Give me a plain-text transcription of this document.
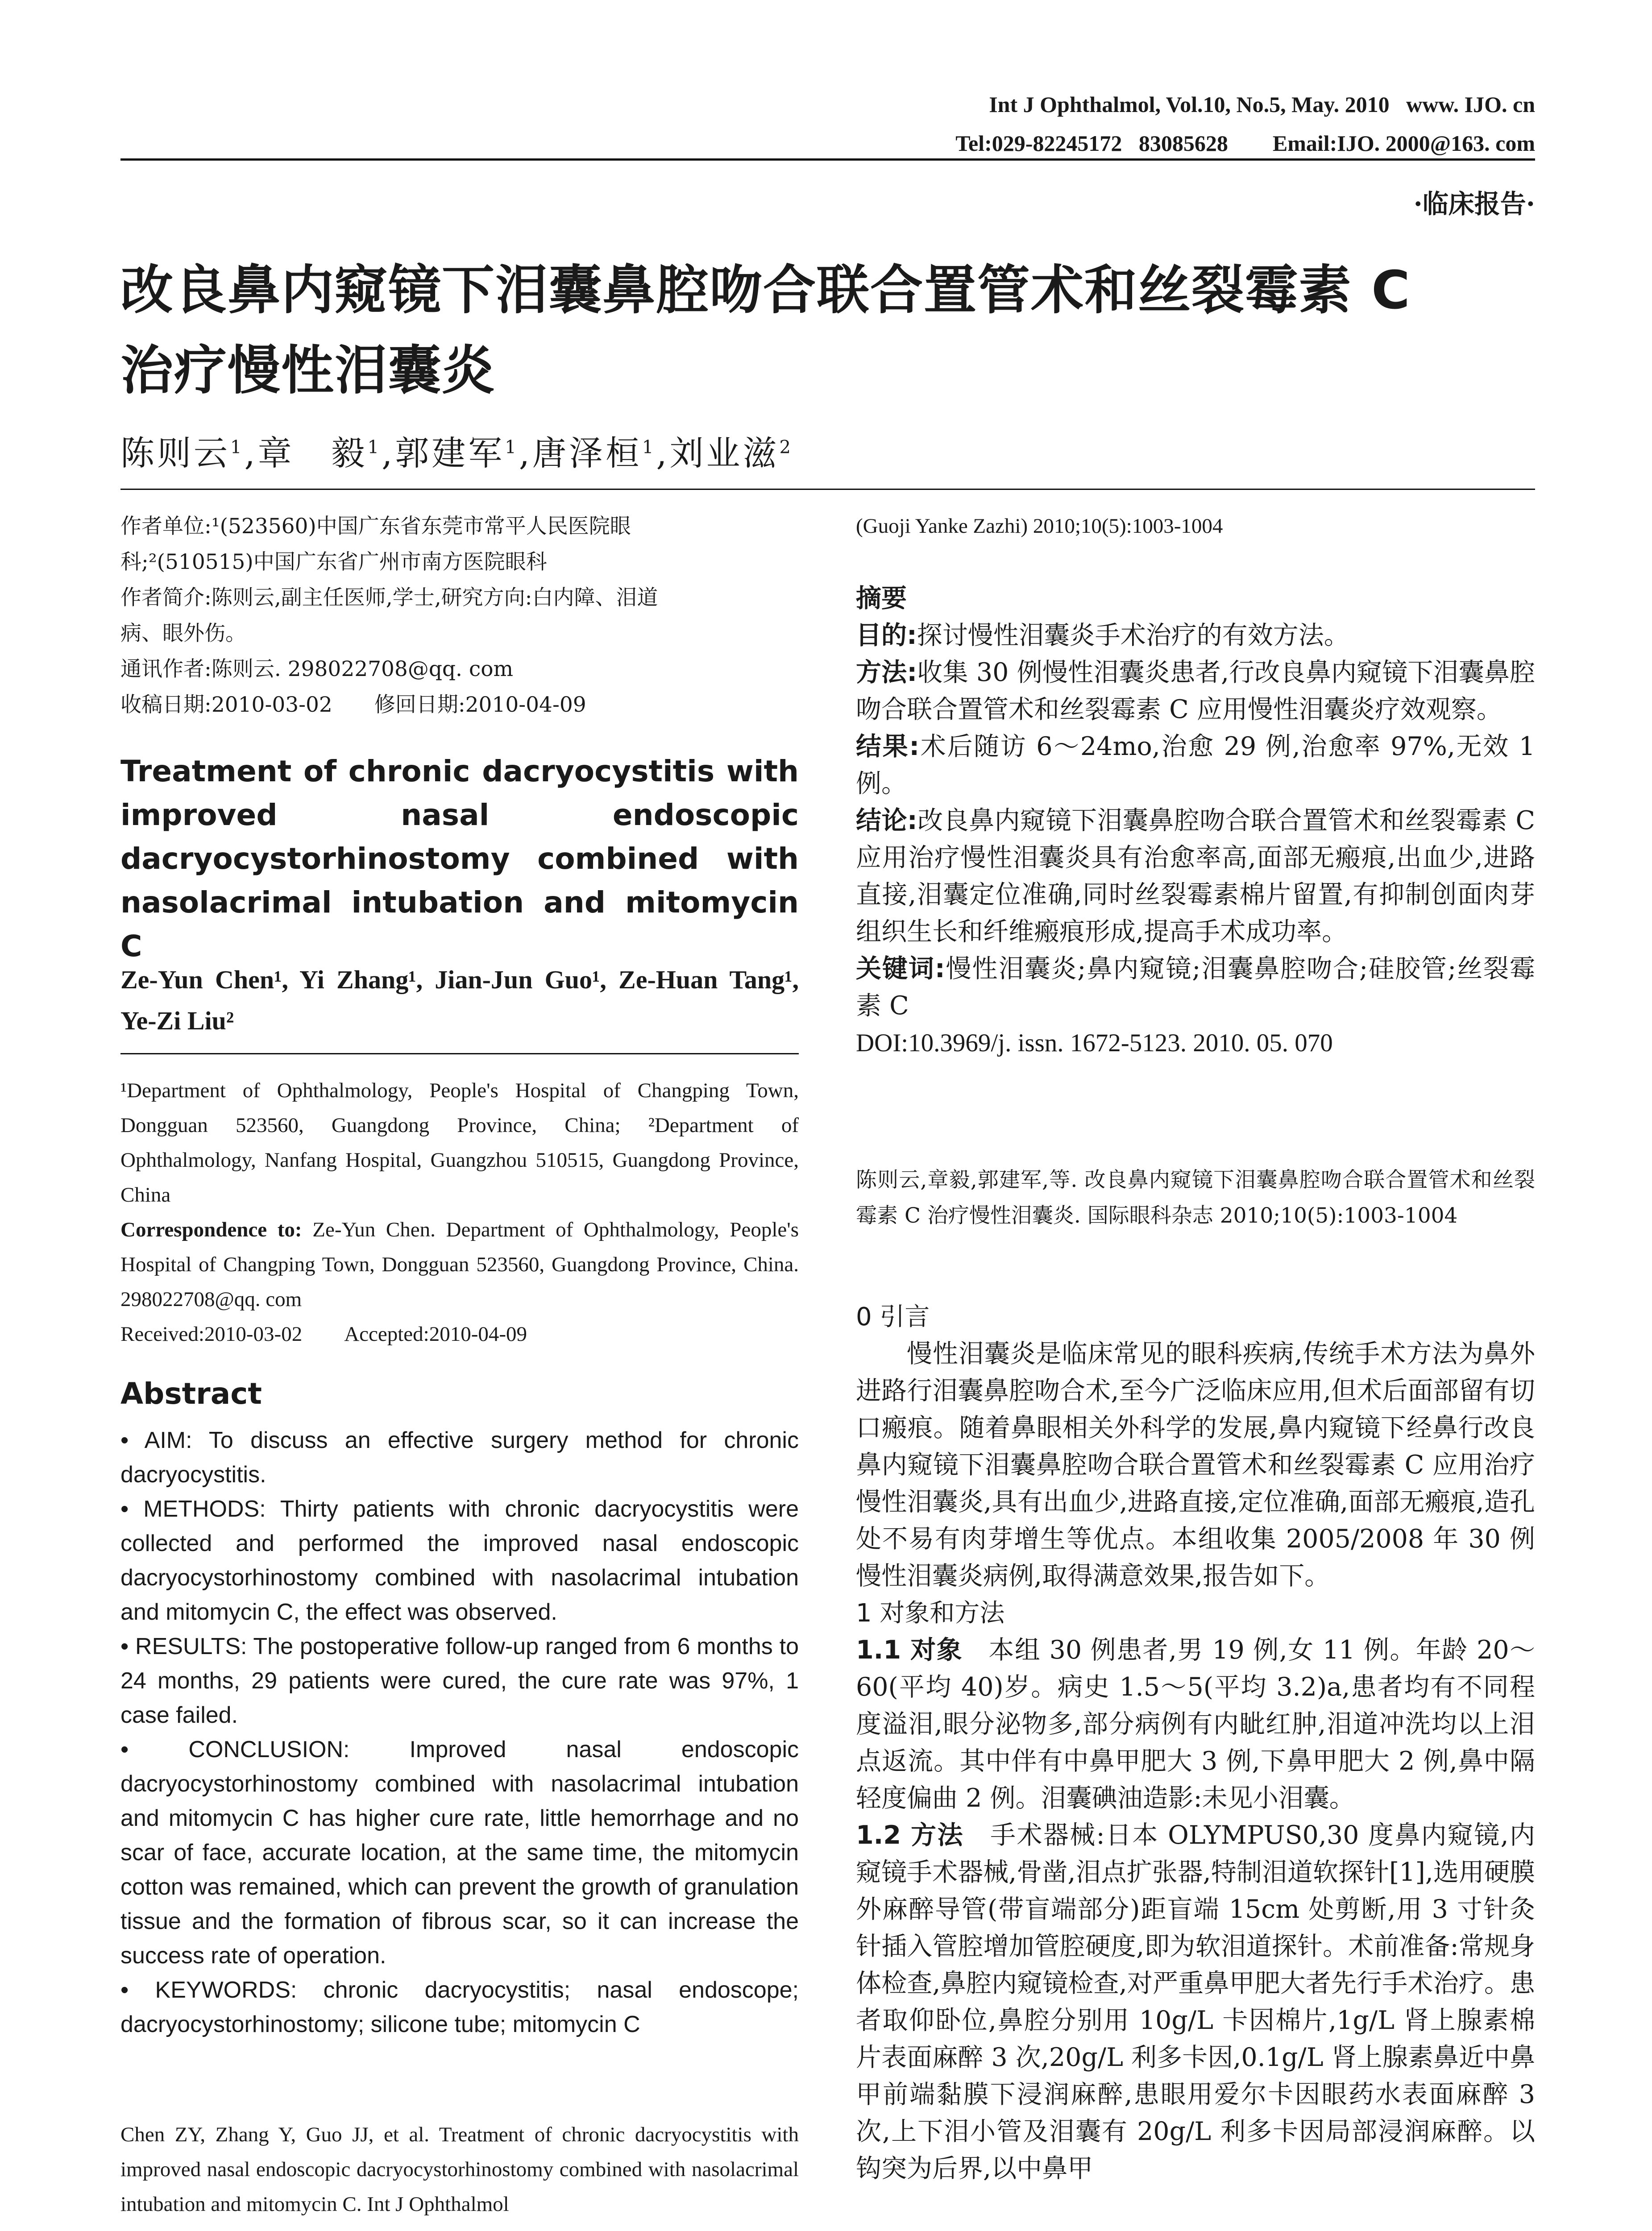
Int J Ophthalmol, Vol.10, No.5, May. 2010   www. IJO. cn
Tel:029-82245172   83085628        Email:IJO. 2000@163. com
·临床报告·
改良鼻内窥镜下泪囊鼻腔吻合联合置管术和丝裂霉素 C
治疗慢性泪囊炎
陈则云$^1$,章　毅$^1$,郭建军$^1$,唐泽桓$^1$,刘业滋$^2$
作者单位:¹(523560)中国广东省东莞市常平人民医院眼
科;²(510515)中国广东省广州市南方医院眼科
作者简介:陈则云,副主任医师,学士,研究方向:白内障、泪道
病、眼外伤。
通讯作者:陈则云. 298022708@qq. com
收稿日期:2010-03-02　　修回日期:2010-04-09
Treatment of chronic dacryocystitis with improved nasal endoscopic dacryocystorhinostomy combined with nasolacrimal intubation and mitomycin C
Ze-Yun Chen¹, Yi Zhang¹, Jian-Jun Guo¹, Ze-Huan Tang¹, Ye-Zi Liu²
¹Department of Ophthalmology, People's Hospital of Changping Town, Dongguan 523560, Guangdong Province, China; ²Department of Ophthalmology, Nanfang Hospital, Guangzhou 510515, Guangdong Province, China
Correspondence to: Ze-Yun Chen. Department of Ophthalmology, People's Hospital of Changping Town, Dongguan 523560, Guangdong Province, China. 298022708@qq. com
Received:2010-03-02　　Accepted:2010-04-09
Abstract

• AIM: To discuss an effective surgery method for chronic dacryocystitis.

• METHODS: Thirty patients with chronic dacryocystitis were collected and performed the improved nasal endoscopic dacryocystorhinostomy combined with nasolacrimal intubation and mitomycin C, the effect was observed.

• RESULTS: The postoperative follow-up ranged from 6 months to 24 months, 29 patients were cured, the cure rate was 97%, 1 case failed.

• CONCLUSION: Improved nasal endoscopic dacryocystorhinostomy combined with nasolacrimal intubation and mitomycin C has higher cure rate, little hemorrhage and no scar of face, accurate location, at the same time, the mitomycin cotton was remained, which can prevent the growth of granulation tissue and the formation of fibrous scar, so it can increase the success rate of operation.

• KEYWORDS: chronic dacryocystitis; nasal endoscope; dacryocystorhinostomy; silicone tube; mitomycin C

Chen ZY, Zhang Y, Guo JJ, et al. Treatment of chronic dacryocystitis with improved nasal endoscopic dacryocystorhinostomy combined with nasolacrimal intubation and mitomycin C. Int J Ophthalmol
(Guoji Yanke Zazhi) 2010;10(5):1003-1004

摘要

目的:探讨慢性泪囊炎手术治疗的有效方法。

方法:收集 30 例慢性泪囊炎患者,行改良鼻内窥镜下泪囊鼻腔吻合联合置管术和丝裂霉素 C 应用慢性泪囊炎疗效观察。

结果:术后随访 6～24mo,治愈 29 例,治愈率 97%,无效 1 例。

结论:改良鼻内窥镜下泪囊鼻腔吻合联合置管术和丝裂霉素 C 应用治疗慢性泪囊炎具有治愈率高,面部无瘢痕,出血少,进路直接,泪囊定位准确,同时丝裂霉素棉片留置,有抑制创面肉芽组织生长和纤维瘢痕形成,提高手术成功率。

关键词:慢性泪囊炎;鼻内窥镜;泪囊鼻腔吻合;硅胶管;丝裂霉素 C

DOI:10.3969/j. issn. 1672-5123. 2010. 05. 070

陈则云,章毅,郭建军,等. 改良鼻内窥镜下泪囊鼻腔吻合联合置管术和丝裂霉素 C 治疗慢性泪囊炎. 国际眼科杂志 2010;10(5):1003-1004

0 引言

慢性泪囊炎是临床常见的眼科疾病,传统手术方法为鼻外进路行泪囊鼻腔吻合术,至今广泛临床应用,但术后面部留有切口瘢痕。随着鼻眼相关外科学的发展,鼻内窥镜下经鼻行改良鼻内窥镜下泪囊鼻腔吻合联合置管术和丝裂霉素 C 应用治疗慢性泪囊炎,具有出血少,进路直接,定位准确,面部无瘢痕,造孔处不易有肉芽增生等优点。本组收集 2005/2008 年 30 例慢性泪囊炎病例,取得满意效果,报告如下。

1 对象和方法

1.1 对象　 本组 30 例患者,男 19 例,女 11 例。年龄 20～60(平均 40)岁。病史 1.5～5(平均 3.2)a,患者均有不同程度溢泪,眼分泌物多,部分病例有内眦红肿,泪道冲洗均以上泪点返流。其中伴有中鼻甲肥大 3 例,下鼻甲肥大 2 例,鼻中隔轻度偏曲 2 例。泪囊碘油造影:未见小泪囊。

1.2 方法　 手术器械:日本 OLYMPUS0,30 度鼻内窥镜,内窥镜手术器械,骨凿,泪点扩张器,特制泪道软探针[1],选用硬膜外麻醉导管(带盲端部分)距盲端 15cm 处剪断,用 3 寸针灸针插入管腔增加管腔硬度,即为软泪道探针。术前准备:常规身体检查,鼻腔内窥镜检查,对严重鼻甲肥大者先行手术治疗。患者取仰卧位,鼻腔分别用 10g/L 卡因棉片,1g/L 肾上腺素棉片表面麻醉 3 次,20g/L 利多卡因,0.1g/L 肾上腺素鼻近中鼻甲前端黏膜下浸润麻醉,患眼用爱尔卡因眼药水表面麻醉 3 次,上下泪小管及泪囊有 20g/L 利多卡因局部浸润麻醉。以钩突为后界,以中鼻甲
